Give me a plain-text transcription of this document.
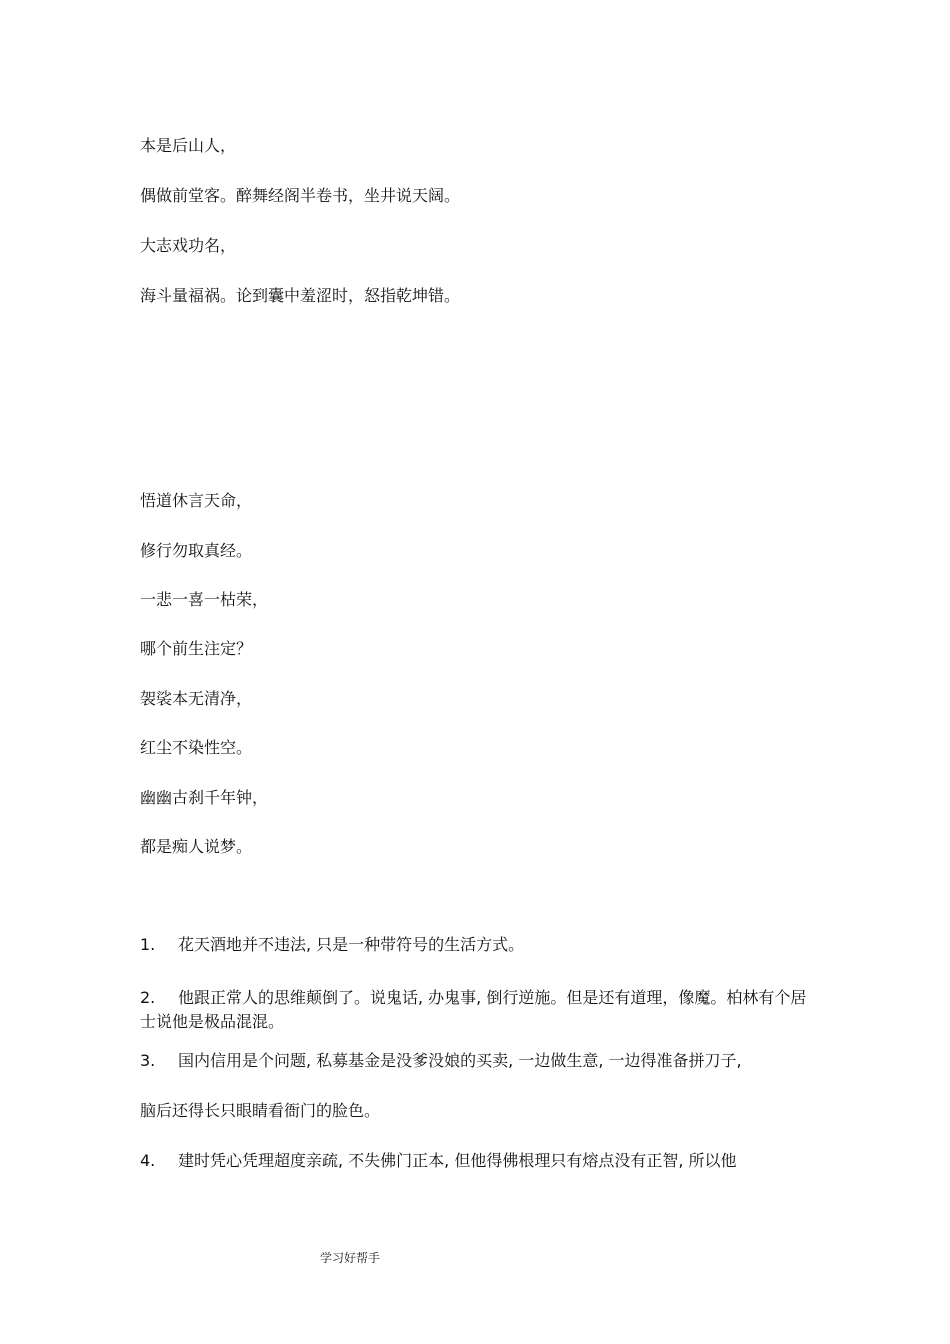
本是后山人，

偶做前堂客。醉舞经阁半卷书，坐井说天阔。

大志戏功名，

海斗量福祸。论到囊中羞涩时，怒指乾坤错。

悟道休言天命，

修行勿取真经。

一悲一喜一枯荣，

哪个前生注定？

袈裟本无清净，

红尘不染性空。

幽幽古刹千年钟，

都是痴人说梦。

1. 花天酒地并不违法, 只是一种带符号的生活方式。
2. 他跟正常人的思维颠倒了。说鬼话, 办鬼事, 倒行逆施。但是还有道理，像魔。柏林有个居士说他是极品混混。
3. 国内信用是个问题, 私募基金是没爹没娘的买卖, 一边做生意, 一边得准备拼刀子,
脑后还得长只眼睛看衙门的脸色。
4. 建时凭心凭理超度亲疏, 不失佛门正本, 但他得佛根理只有熔点没有正智, 所以他
学习好帮手
